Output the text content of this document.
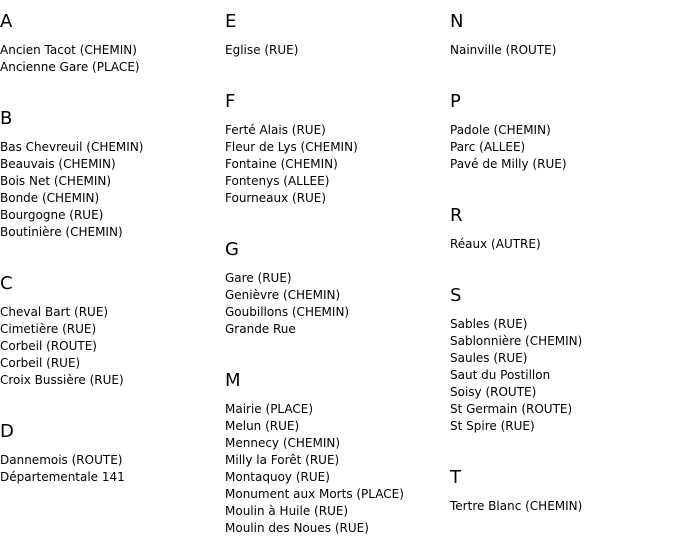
A
Ancien Tacot (CHEMIN)
Ancienne Gare (PLACE)
B
Bas Chevreuil (CHEMIN)
Beauvais (CHEMIN)
Bois Net (CHEMIN)
Bonde (CHEMIN)
Bourgogne (RUE)
Boutinière (CHEMIN)
C
Cheval Bart (RUE)
Cimetière (RUE)
Corbeil (ROUTE)
Corbeil (RUE)
Croix Bussière (RUE)
D
Dannemois (ROUTE)
Départementale 141
E
Eglise (RUE)
F
Ferté Alais (RUE)
Fleur de Lys (CHEMIN)
Fontaine (CHEMIN)
Fontenys (ALLEE)
Fourneaux (RUE)
G
Gare (RUE)
Genièvre (CHEMIN)
Goubillons (CHEMIN)
Grande Rue
M
Mairie (PLACE)
Melun (RUE)
Mennecy (CHEMIN)
Milly la Forêt (RUE)
Montaquoy (RUE)
Monument aux Morts (PLACE)
Moulin à Huile (RUE)
Moulin des Noues (RUE)
N
Nainville (ROUTE)
P
Padole (CHEMIN)
Parc (ALLEE)
Pavé de Milly (RUE)
R
Réaux (AUTRE)
S
Sables (RUE)
Sablonnière (CHEMIN)
Saules (RUE)
Saut du Postillon
Soisy (ROUTE)
St Germain (ROUTE)
St Spire (RUE)
T
Tertre Blanc (CHEMIN)
